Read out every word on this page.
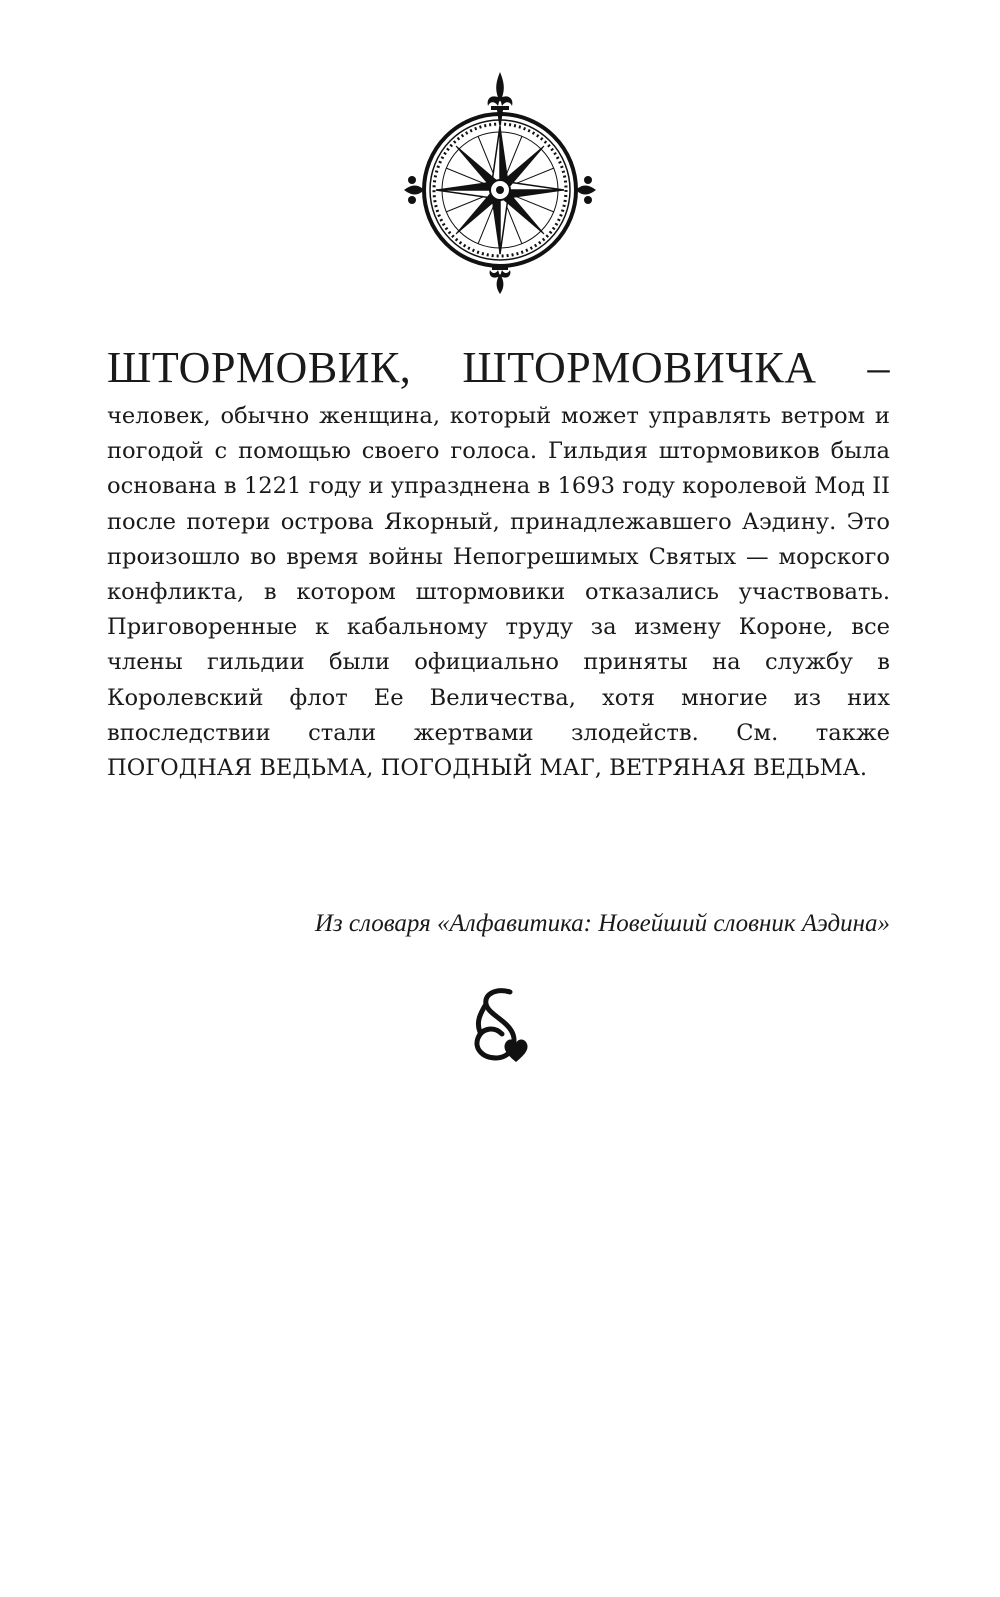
ШТОРМОВИК, ШТОРМОВИЧКА –

человек, обычно женщина, который может управлять ветром и погодой с помощью своего голоса. Гильдия штормовиков была основана в 1221 году и упразднена в 1693 году королевой Мод II после потери острова Якорный, принадлежавшего Аэдину. Это произошло во время войны Непогрешимых Святых — морского конфликта, в котором штормовики отказались участвовать. Приговоренные к кабальному труду за измену Короне, все члены гильдии были официально приняты на службу в Королевский флот Ее Величества, хотя многие из них впоследствии стали жертвами злодейств. См. также ПОГОДНАЯ ВЕДЬМА, ПОГОДНЫЙ МАГ, ВЕТРЯНАЯ ВЕДЬМА.

Из словаря «Алфавитика: Новейший словник Аэдина»
